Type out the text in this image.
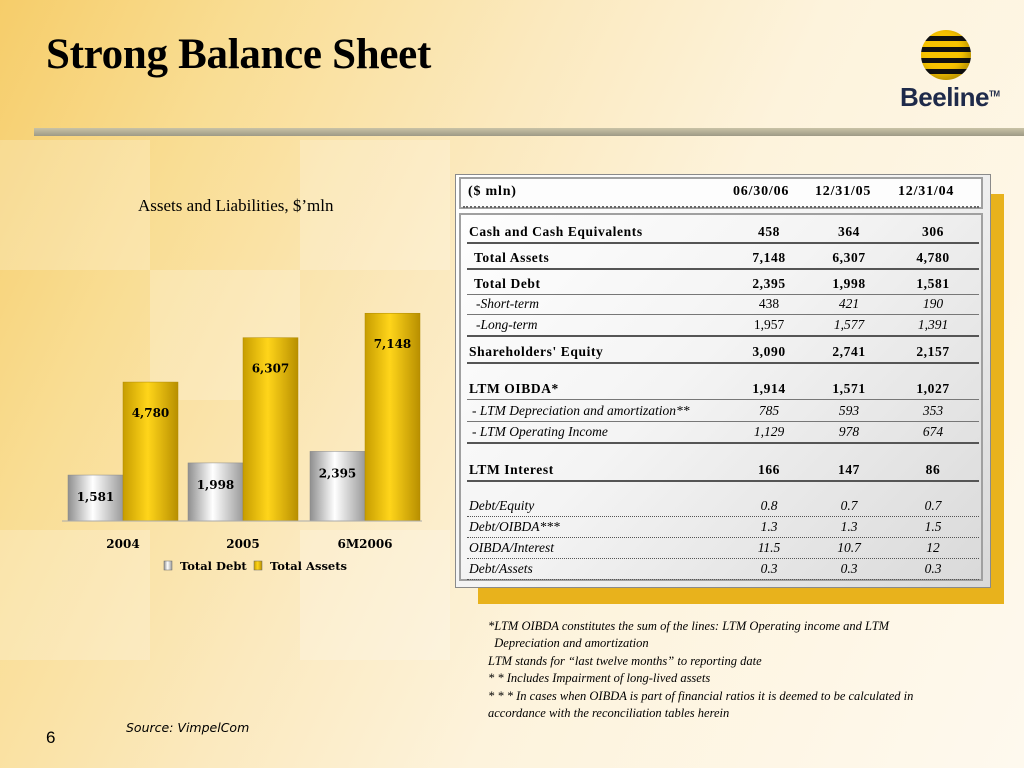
Strong Balance Sheet
Beeline™
Assets and Liabilities, $’mln
1,581
4,780
1,998
6,307
2,395
7,148
2004	2005	6M2006
Total Debt Total Assets
($ mln)	06/30/06 12/31/05 12/31/04
Cash and Cash Equivalents	458	364	306
Total Assets	7,148	6,307	4,780
Total Debt	2,395	1,998	1,581
-Short-term	438	421	190
-Long-term	1,957	1,577	1,391
Shareholders' Equity	3,090	2,741	2,157
LTM OIBDA*	1,914	1,571	1,027
- LTM Depreciation and amortization**	785	593	353
- LTM Operating Income	1,129	978	674
LTM Interest	166	147	86
Debt/Equity	0.8	0.7	0.7
Debt/OIBDA***	1.3	1.3	1.5
OIBDA/Interest	11.5	10.7	12
Debt/Assets	0.3	0.3	0.3
*LTM OIBDA constitutes the sum of the lines: LTM Operating income and LTM
Depreciation and amortization
LTM stands for “last twelve months” to reporting date
* * Includes Impairment of long-lived assets
* * * In cases when OIBDA is part of financial ratios it is deemed to be calculated in
accordance with the reconciliation tables herein
Source: VimpelCom
6
